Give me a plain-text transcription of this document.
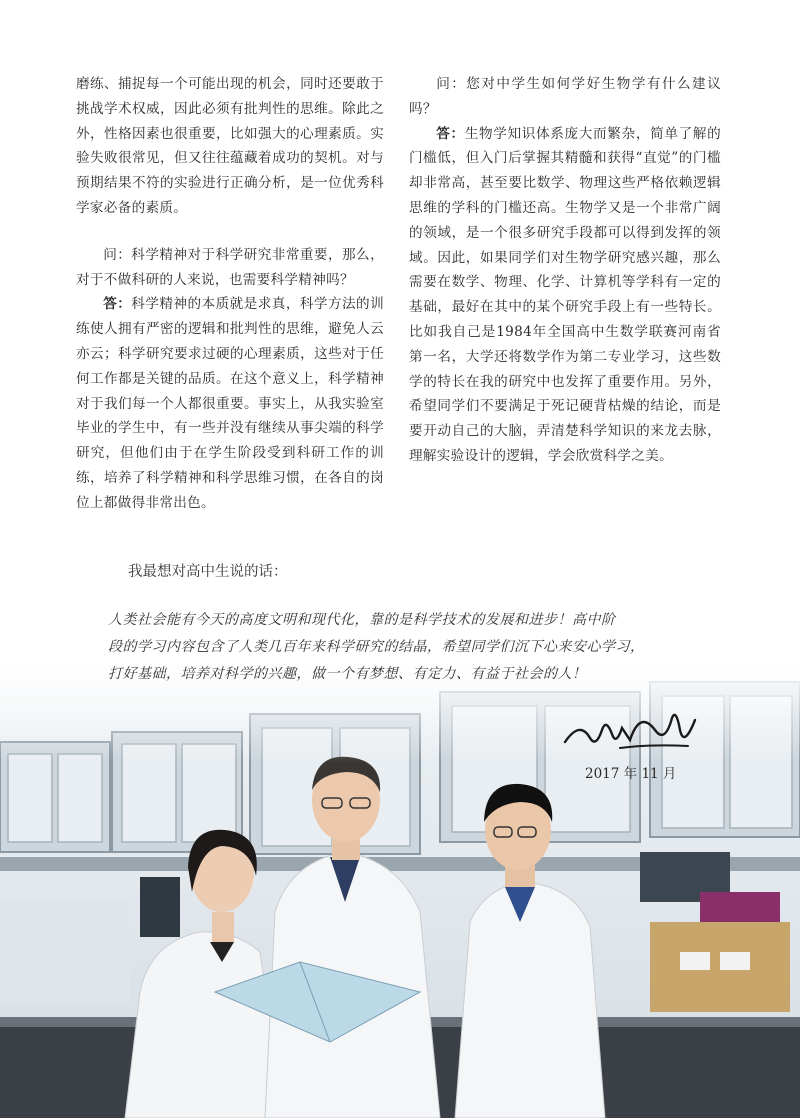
磨练、捕捉每一个可能出现的机会，同时还要敢于挑战学术权威，因此必须有批判性的思维。除此之外，性格因素也很重要，比如强大的心理素质。实验失败很常见，但又往往蕴藏着成功的契机。对与预期结果不符的实验进行正确分析，是一位优秀科学家必备的素质。

问：科学精神对于科学研究非常重要，那么，对于不做科研的人来说，也需要科学精神吗？

答：科学精神的本质就是求真，科学方法的训练使人拥有严密的逻辑和批判性的思维，避免人云亦云；科学研究要求过硬的心理素质，这些对于任何工作都是关键的品质。在这个意义上，科学精神对于我们每一个人都很重要。事实上，从我实验室毕业的学生中，有一些并没有继续从事尖端的科学研究，但他们由于在学生阶段受到科研工作的训练，培养了科学精神和科学思维习惯，在各自的岗位上都做得非常出色。

问：您对中学生如何学好生物学有什么建议吗？

答：生物学知识体系庞大而繁杂，简单了解的门槛低，但入门后掌握其精髓和获得“直觉”的门槛却非常高，甚至要比数学、物理这些严格依赖逻辑思维的学科的门槛还高。生物学又是一个非常广阔的领域，是一个很多研究手段都可以得到发挥的领域。因此，如果同学们对生物学研究感兴趣，那么需要在数学、物理、化学、计算机等学科有一定的基础，最好在其中的某个研究手段上有一些特长。比如我自己是1984年全国高中生数学联赛河南省第一名，大学还将数学作为第二专业学习，这些数学的特长在我的研究中也发挥了重要作用。另外，希望同学们不要满足于死记硬背枯燥的结论，而是要开动自己的大脑，弄清楚科学知识的来龙去脉，理解实验设计的逻辑，学会欣赏科学之美。

我最想对高中生说的话：
人类社会能有今天的高度文明和现代化，靠的是科学技术的发展和进步！高中阶
段的学习内容包含了人类几百年来科学研究的结晶，希望同学们沉下心来安心学习，
打好基础，培养对科学的兴趣，做一个有梦想、有定力、有益于社会的人！
2017 年 11 月
